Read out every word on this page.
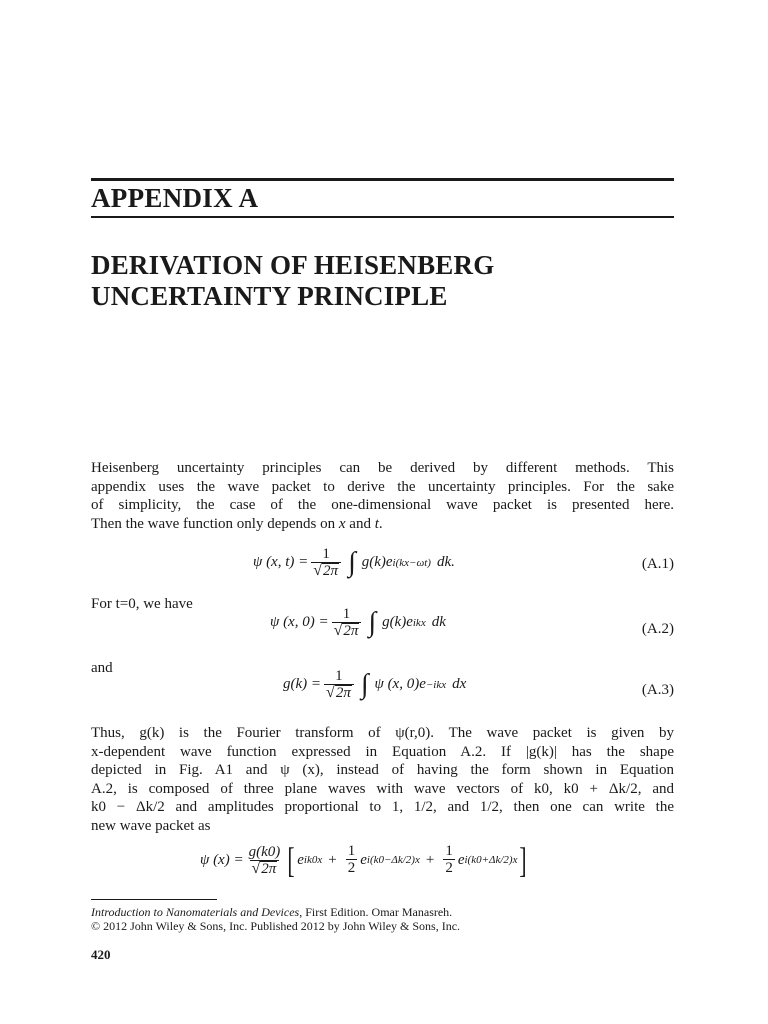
APPENDIX A
DERIVATION OF HEISENBERG
UNCERTAINTY PRINCIPLE
Heisenberg uncertainty principles can be derived by different methods. This
appendix uses the wave packet to derive the uncertainty principles. For the sake
of simplicity, the case of the one-dimensional wave packet is presented here.
Then the wave function only depends on x and t.
ψ (x, $t) = \frac{1}{√ 2\pi}$ ∫ g(k)e i(kx−ωt) dk.	(A.1)
For t=0, we have
ψ (x, $0) = \frac{1}{√ 2\pi}$ ∫ g(k)e ikx dk	(A.2)
and
$g(k) = \frac{1}{√ 2\pi}$ ∫ ψ (x, 0)e −ikx dx	(A.3)
Thus, g(k) is the Fourier transform of ψ(r,0). The wave packet is given by
x-dependent wave function expressed in Equation A.2. If |g(k)| has the shape
depicted in Fig. A1 and ψ (x), instead of having the form shown in Equation
A.2, is composed of three plane waves with wave vectors of k0, k0 + Δk/2, and
k0 − Δk/2 and amplitudes proportional to 1, 1/2, and 1/2, then one can write the
new wave packet as
ψ $(x) = \frac{g(k0)}{√ 2\pi}$ [ e $ik0x + \frac{1}{2}$ e $i(k0-\Delta k/2)x + \frac{1}{2}$ e i(k0+Δk/2)x ]
Introduction to Nanomaterials and Devices, First Edition. Omar Manasreh.
© 2012 John Wiley & Sons, Inc. Published 2012 by John Wiley & Sons, Inc.
420
